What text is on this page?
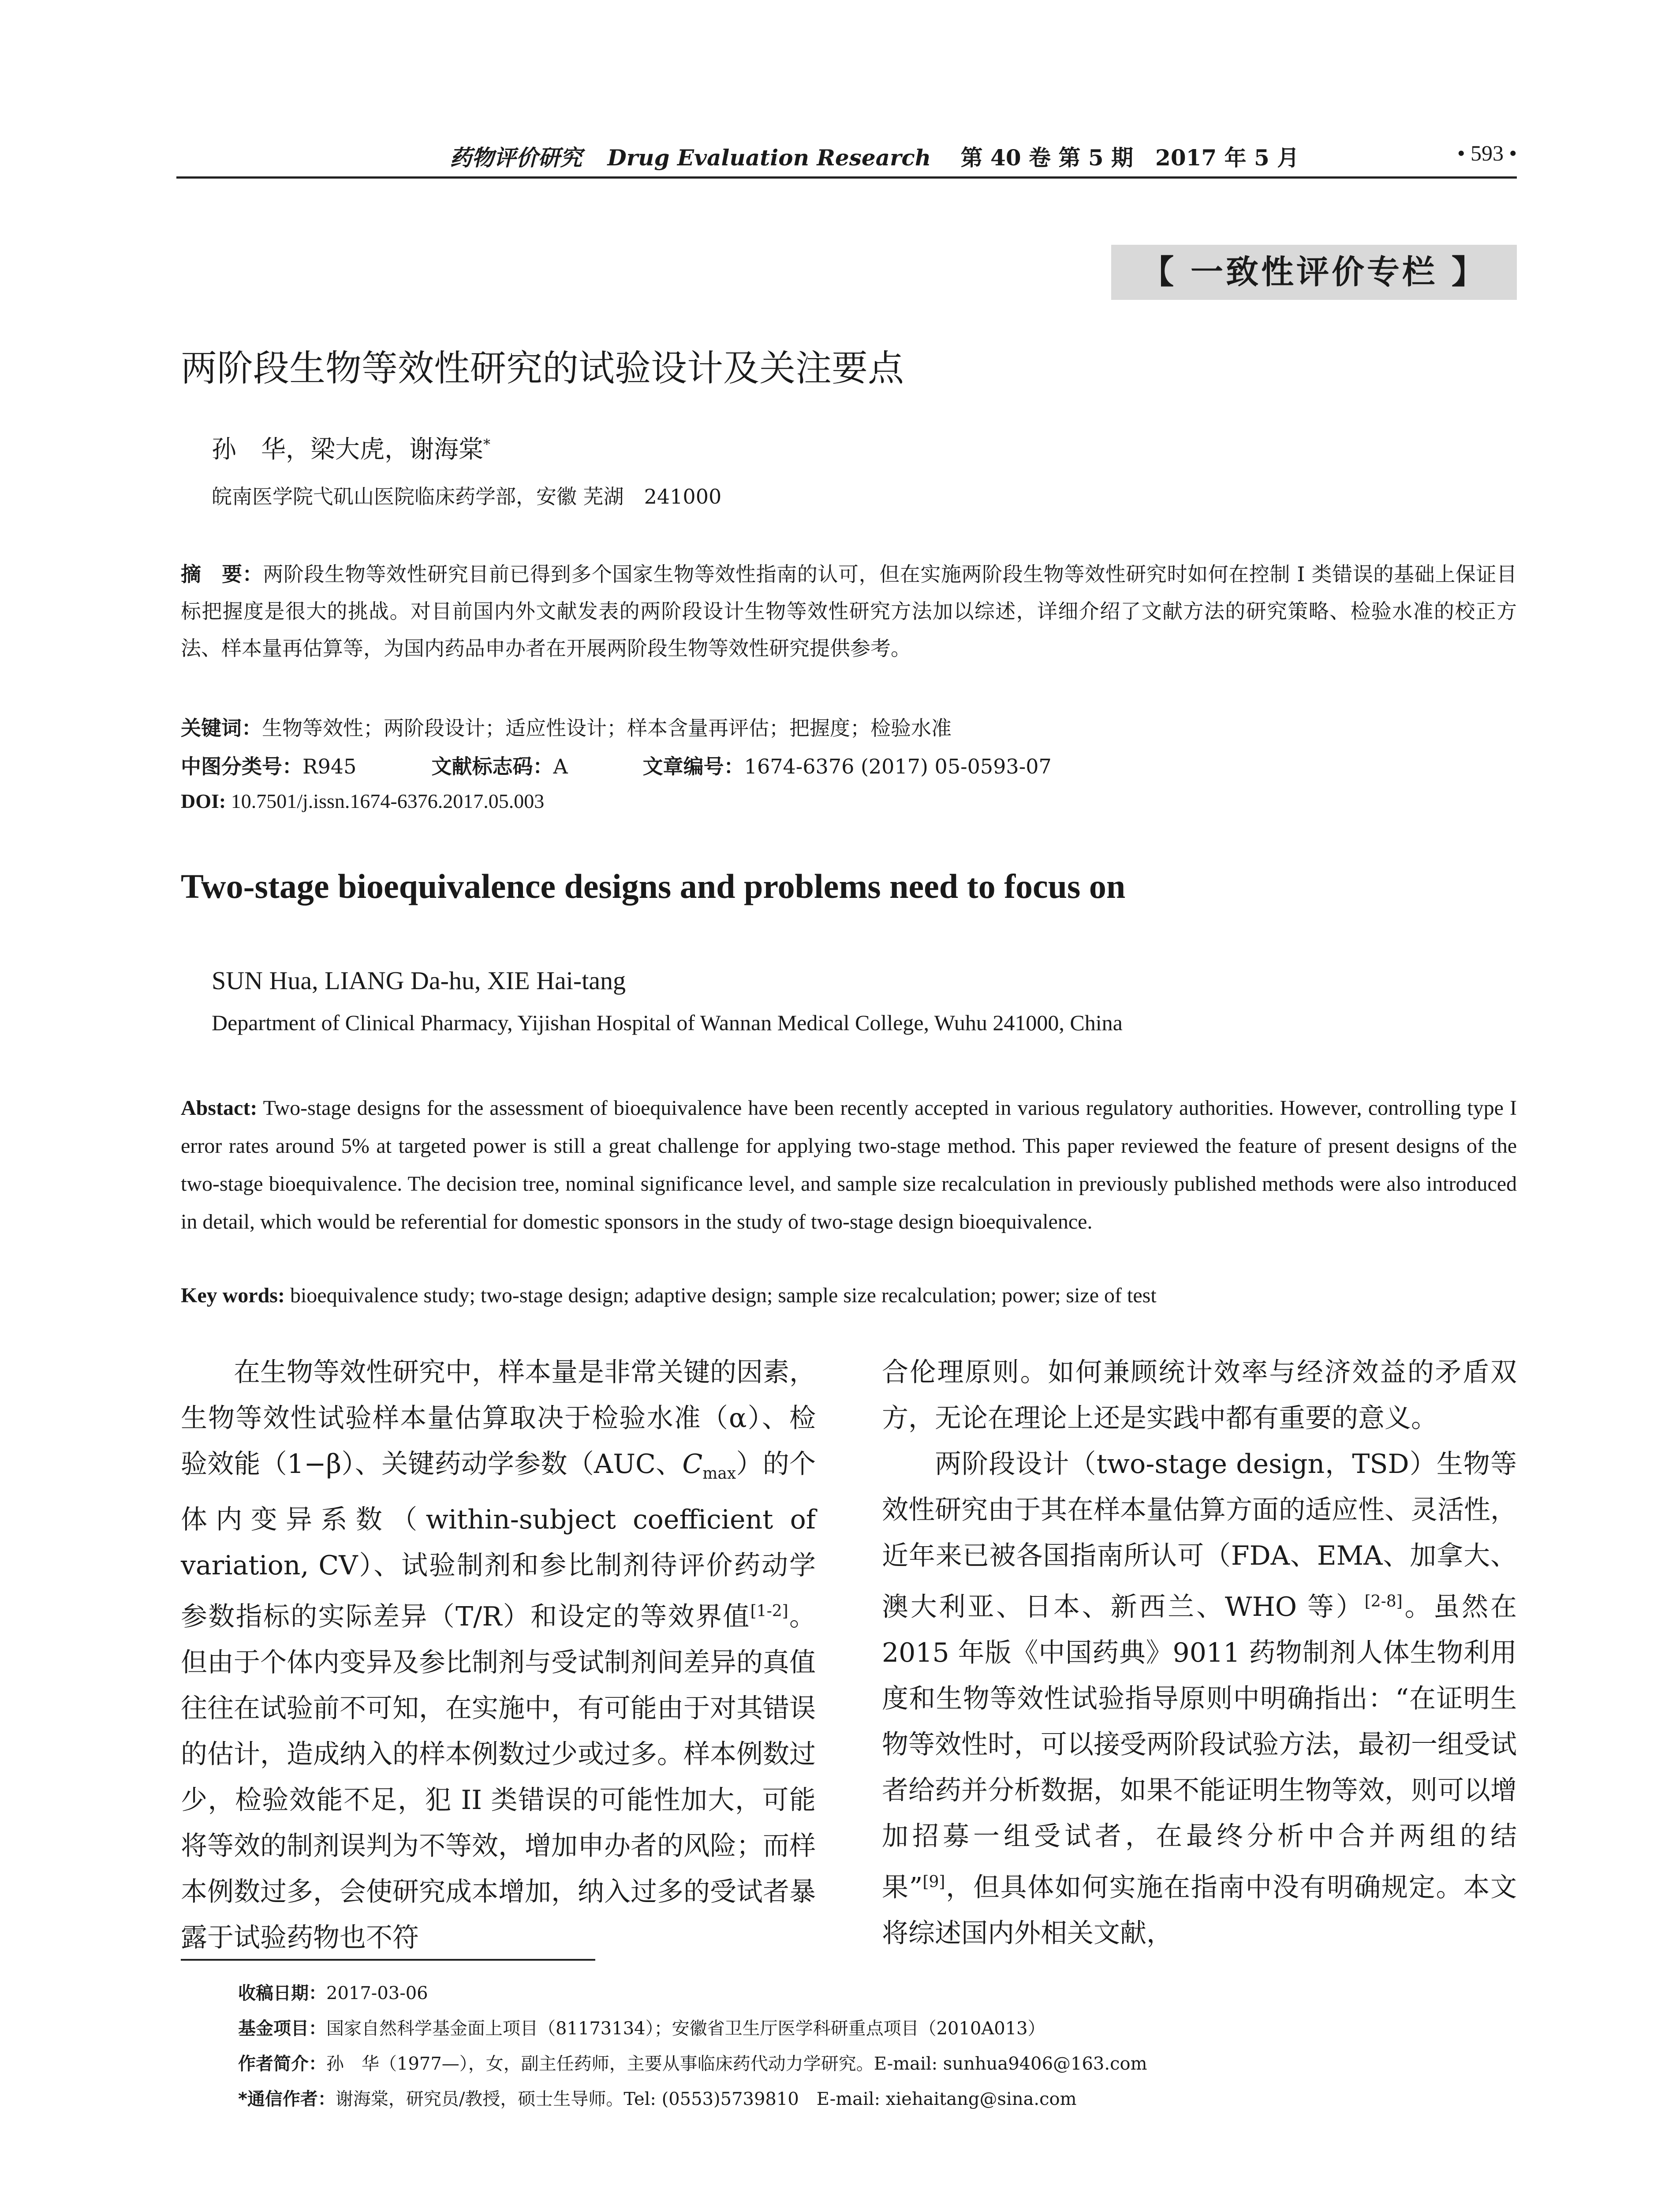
药物评价研究 Drug Evaluation Research 第 40 卷 第 5 期　2017 年 5 月	• 593 •
【 一致性评价专栏 】
两阶段生物等效性研究的试验设计及关注要点
孙　华，梁大虎，谢海棠*
皖南医学院弋矶山医院临床药学部，安徽 芜湖　241000
摘　要：两阶段生物等效性研究目前已得到多个国家生物等效性指南的认可，但在实施两阶段生物等效性研究时如何在控制 I 类错误的基础上保证目标把握度是很大的挑战。对目前国内外文献发表的两阶段设计生物等效性研究方法加以综述，详细介绍了文献方法的研究策略、检验水准的校正方法、样本量再估算等，为国内药品申办者在开展两阶段生物等效性研究提供参考。
关键词：生物等效性；两阶段设计；适应性设计；样本含量再评估；把握度；检验水准
中图分类号：R945	文献标志码：A	文章编号：1674-6376 (2017) 05-0593-07
DOI: 10.7501/j.issn.1674-6376.2017.05.003
Two-stage bioequivalence designs and problems need to focus on
SUN Hua, LIANG Da-hu, XIE Hai-tang
Department of Clinical Pharmacy, Yijishan Hospital of Wannan Medical College, Wuhu 241000, China
Abstact: Two-stage designs for the assessment of bioequivalence have been recently accepted in various regulatory authorities. However, controlling type I error rates around 5% at targeted power is still a great challenge for applying two-stage method. This paper reviewed the feature of present designs of the two-stage bioequivalence. The decision tree, nominal significance level, and sample size recalculation in previously published methods were also introduced in detail, which would be referential for domestic sponsors in the study of two-stage design bioequivalence.
Key words: bioequivalence study; two-stage design; adaptive design; sample size recalculation; power; size of test

在生物等效性研究中，样本量是非常关键的因素，生物等效性试验样本量估算取决于检验水准（α）、检验效能（1−β）、关键药动学参数（AUC、$C_{max}$）的个体内变异系数（within-subject coefficient of variation, CV）、试验制剂和参比制剂待评价药动学参数指标的实际差异（T/R）和设定的等效界值[1-2]。但由于个体内变异及参比制剂与受试制剂间差异的真值往往在试验前不可知，在实施中，有可能由于对其错误的估计，造成纳入的样本例数过少或过多。样本例数过少，检验效能不足，犯 II 类错误的可能性加大，可能将等效的制剂误判为不等效，增加申办者的风险；而样本例数过多，会使研究成本增加，纳入过多的受试者暴露于试验药物也不符

合伦理原则。如何兼顾统计效率与经济效益的矛盾双方，无论在理论上还是实践中都有重要的意义。

两阶段设计（two-stage design，TSD）生物等效性研究由于其在样本量估算方面的适应性、灵活性，近年来已被各国指南所认可（FDA、EMA、加拿大、澳大利亚、日本、新西兰、WHO 等）[2-8]。虽然在 2015 年版《中国药典》9011 药物制剂人体生物利用度和生物等效性试验指导原则中明确指出：“在证明生物等效性时，可以接受两阶段试验方法，最初一组受试者给药并分析数据，如果不能证明生物等效，则可以增加招募一组受试者，在最终分析中合并两组的结果”[9]，但具体如何实施在指南中没有明确规定。本文将综述国内外相关文献，

收稿日期：2017-03-06
基金项目：国家自然科学基金面上项目（81173134）；安徽省卫生厅医学科研重点项目（2010A013）
作者简介：孙　华（1977—），女，副主任药师，主要从事临床药代动力学研究。E-mail: sunhua9406@163.com
*通信作者：谢海棠，研究员/教授，硕士生导师。Tel: (0553)5739810　E-mail: xiehaitang@sina.com
